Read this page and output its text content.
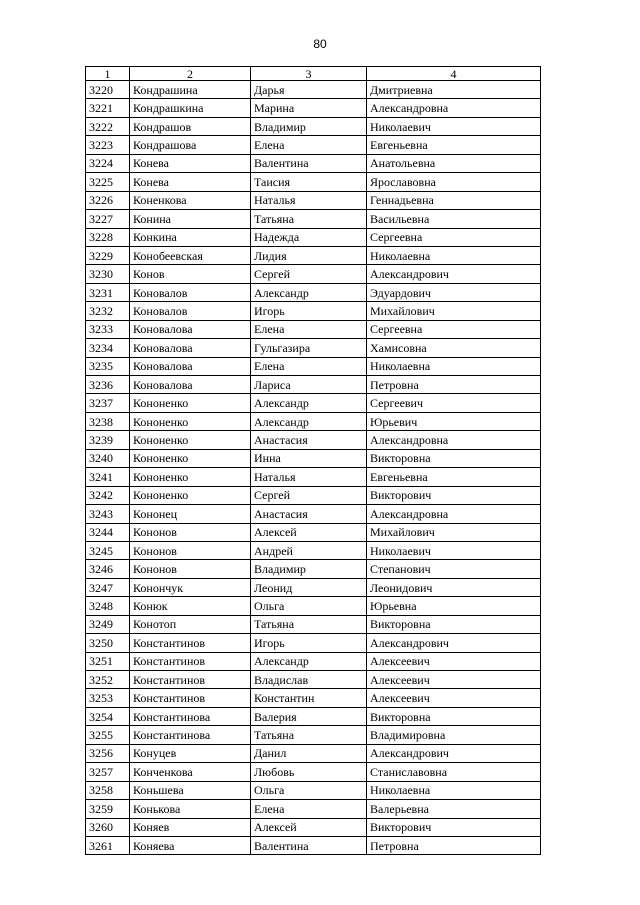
80
1	2	3	4
3220	Кондрашина	Дарья	Дмитриевна
3221	Кондрашкина	Марина	Александровна
3222	Кондрашов	Владимир	Николаевич
3223	Кондрашова	Елена	Евгеньевна
3224	Конева	Валентина	Анатольевна
3225	Конева	Таисия	Ярославовна
3226	Коненкова	Наталья	Геннадьевна
3227	Конина	Татьяна	Васильевна
3228	Конкина	Надежда	Сергеевна
3229	Конобеевская	Лидия	Николаевна
3230	Конов	Сергей	Александрович
3231	Коновалов	Александр	Эдуардович
3232	Коновалов	Игорь	Михайлович
3233	Коновалова	Елена	Сергеевна
3234	Коновалова	Гульгазира	Хамисовна
3235	Коновалова	Елена	Николаевна
3236	Коновалова	Лариса	Петровна
3237	Кононенко	Александр	Сергеевич
3238	Кононенко	Александр	Юрьевич
3239	Кононенко	Анастасия	Александровна
3240	Кононенко	Инна	Викторовна
3241	Кононенко	Наталья	Евгеньевна
3242	Кононенко	Сергей	Викторович
3243	Кононец	Анастасия	Александровна
3244	Кононов	Алексей	Михайлович
3245	Кононов	Андрей	Николаевич
3246	Кононов	Владимир	Степанович
3247	Конончук	Леонид	Леонидович
3248	Конюк	Ольга	Юрьевна
3249	Конотоп	Татьяна	Викторовна
3250	Константинов	Игорь	Александрович
3251	Константинов	Александр	Алексеевич
3252	Константинов	Владислав	Алексеевич
3253	Константинов	Константин	Алексеевич
3254	Константинова	Валерия	Викторовна
3255	Константинова	Татьяна	Владимировна
3256	Конуцев	Данил	Александрович
3257	Конченкова	Любовь	Станиславовна
3258	Коньшева	Ольга	Николаевна
3259	Конькова	Елена	Валерьевна
3260	Коняев	Алексей	Викторович
3261	Коняева	Валентина	Петровна
